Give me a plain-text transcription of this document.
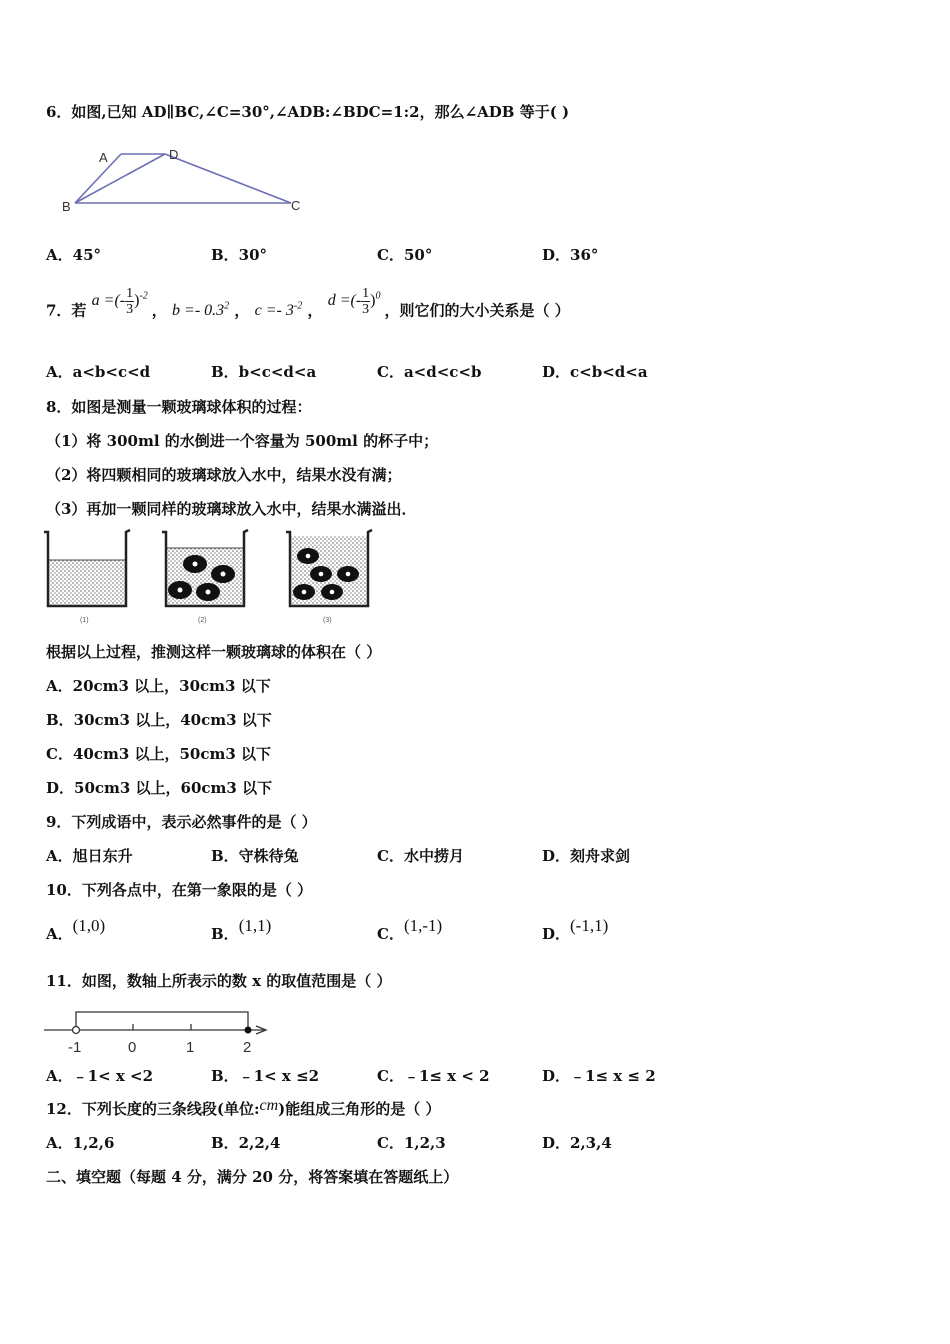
6．如图,已知 AD∥BC,∠C=30°,∠ADB:∠BDC=1:2，那么∠ADB 等于( )
A	D
B	C
A．45°	B．30°	C．50°	D．36°
7．若 a =(- $\frac{1}{3} )^{-2}$ ， $b =- 0.3^2$ ， $c =- 3^{-2}$ ， d =(- $\frac{1}{3} )^0$ ，则它们的大小关系是（ ）
A．a<b<c<d	B．b<c<d<a	C．a<d<c<b	D．c<b<d<a
8．如图是测量一颗玻璃球体积的过程：
（1）将 300ml 的水倒进一个容量为 500ml 的杯子中；
（2）将四颗相同的玻璃球放入水中，结果水没有满；
（3）再加一颗同样的玻璃球放入水中，结果水满溢出．
(1)	(2)	(3)
根据以上过程，推测这样一颗玻璃球的体积在（ ）
A．20cm3 以上，30cm3 以下
B．30cm3 以上，40cm3 以下
C．40cm3 以上，50cm3 以下
D．50cm3 以上，60cm3 以下
9．下列成语中，表示必然事件的是（ ）
A．旭日东升	B．守株待兔	C．水中捞月	D．刻舟求剑
10．下列各点中，在第一象限的是（ ）
A．(1,0)	B．(1,1)	C．(1,‑1)	D．(‑1,1)
11．如图，数轴上所表示的数 x 的取值范围是（ ）
-1	0	1	2
A．﹣1< x <2	B．﹣1< x ≤2	C．﹣1≤ x < 2	D．﹣1≤ x ≤ 2
12．下列长度的三条线段(单位:cm)能组成三角形的是（ ）
A．1,2,6	B．2,2,4	C．1,2,3	D．2,3,4
二、填空题（每题 4 分，满分 20 分，将答案填在答题纸上）
